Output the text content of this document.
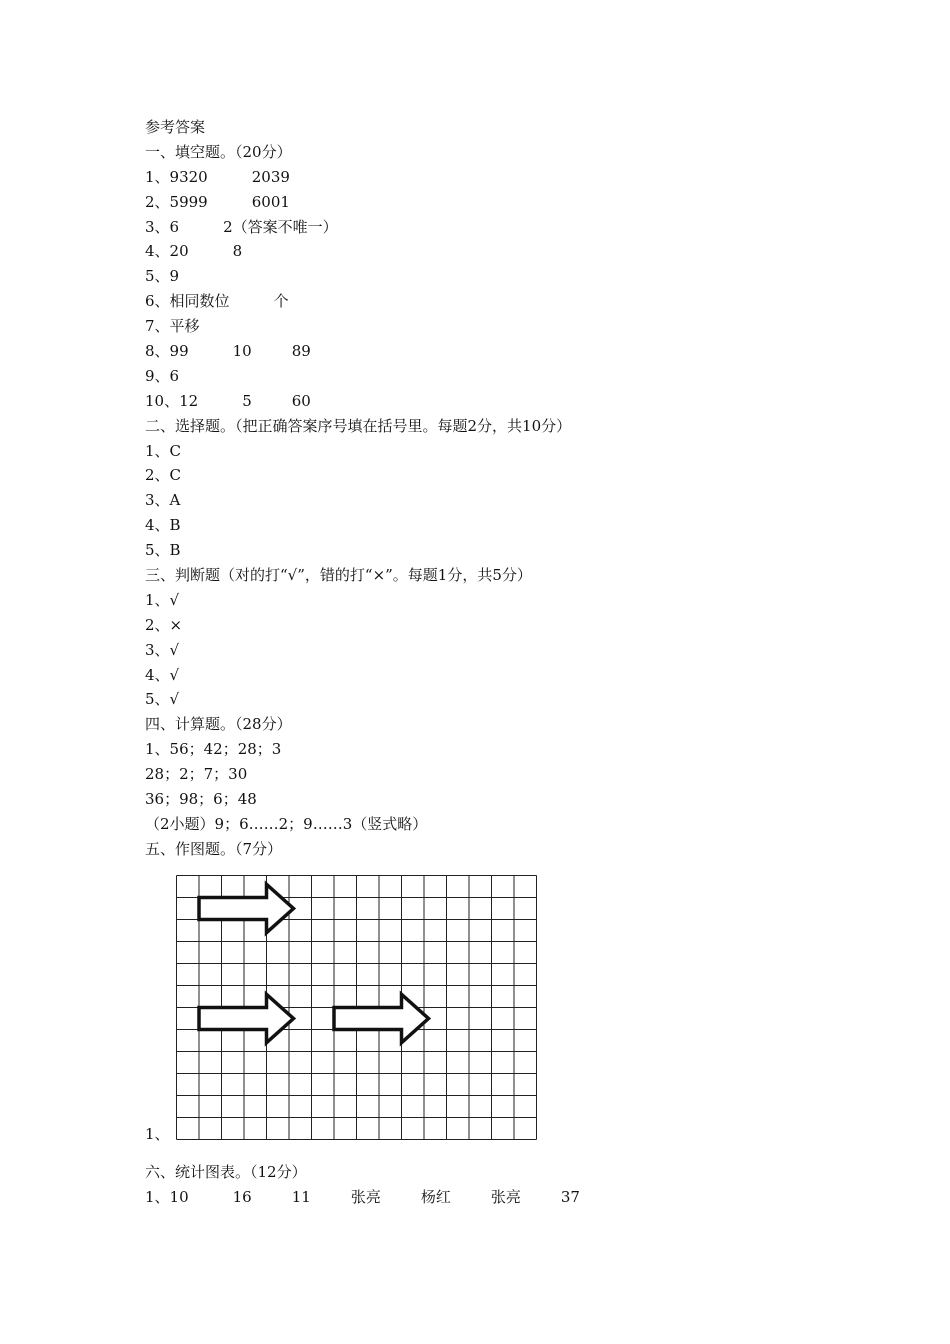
参考答案
一、填空题。（20分）
1、9320	2039
2、5999	6001
3、6	2（答案不唯一）
4、20	8
5、9
6、相同数位	个
7、平移
8、99	10	89
9、6
10、12	5	60
二、选择题。（把正确答案序号填在括号里。每题2分，共10分）
1、C
2、C
3、A
4、B
5、B
三、判断题（对的打“√”，错的打“×”。每题1分，共5分）
1、√
2、×
3、√
4、√
5、√
四、计算题。（28分）
1、56；42；28；3
28；2；7；30
36；98；6；48
（2小题）9；6……2；9……3（竖式略）
五、作图题。（7分）
1、
六、统计图表。（12分）
1、10	16	11	张亮	杨红	张亮	37
